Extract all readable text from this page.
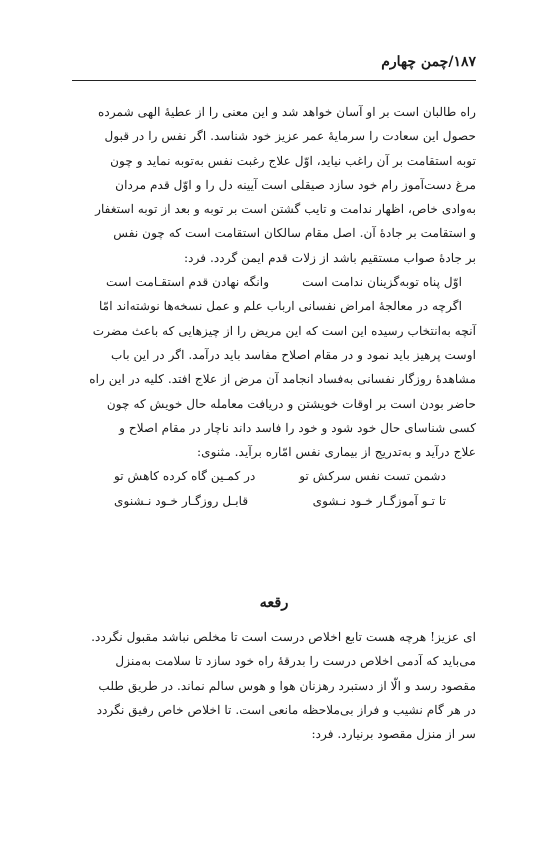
۱۸۷/چمن چهارم
راه طالبان است بر او آسان خواهد شد و این معنی را از عطیهٔ الهی شمرده
حصول این سعادت را سرمایهٔ عمر عزیز خود شناسد. اگر نفس را در قبول
توبه استقامت بر آن راغب نیاید، اوّل علاج رغبت نفس به‌توبه نماید و چون
مرغ دست‌آموز رام خود سازد صیقلی است آیینه دل را و اوّل قدم مردان
به‌وادی خاص، اظهار ندامت و تایب گشتن است بر توبه و بعد از توبه استغفار
و استقامت بر جادهٔ آن. اصل مقام سالکان استقامت است که چون نفس
بر جادهٔ صواب مستقیم باشد از زلات قدم ایمن گردد. فرد:
اوّل پناه توبه‌گزینان ندامت است
وانگه نهادن قدم استقـامت است
اگرچه در معالجهٔ امراض نفسانی ارباب علم و عمل نسخه‌ها نوشته‌اند امّا
آنچه به‌انتخاب رسیده این است که این مریض را از چیزهایی که باعث مضرت
اوست پرهیز باید نمود و در مقام اصلاح مفاسد باید درآمد. اگر در این باب
مشاهدهٔ روزگار نفسانی به‌فساد انجامد آن مرض از علاج افتد. کلیه در این راه
حاضر بودن است بر اوقات خویشتن و دریافت معامله حال خویش که چون
کسی شناسای حال خود شود و خود را فاسد داند ناچار در مقام اصلاح و
علاج درآید و به‌تدریج از بیماری نفس امّاره برآید. مثنوی:
دشمن تست نفس سرکش تو
در کمـین گاه کرده کاهش تو
تا تـو آموزگـار خـود نـشوی
قابـل روزگـار خـود نـشنوی
رقعه
ای عزیز! هرچه هست تابع اخلاص درست است تا مخلص نباشد مقبول نگردد.
می‌باید که آدمی اخلاص درست را بدرقهٔ راه خود سازد تا سلامت به‌منزل
مقصود رسد و الّا از دستبرد رهزنان هوا و هوس سالم نماند. در طریق طلب
در هر گام نشیب و فراز بی‌ملاحظه مانعی است. تا اخلاص خاص رفیق نگردد
سر از منزل مقصود برنیارد. فرد:
